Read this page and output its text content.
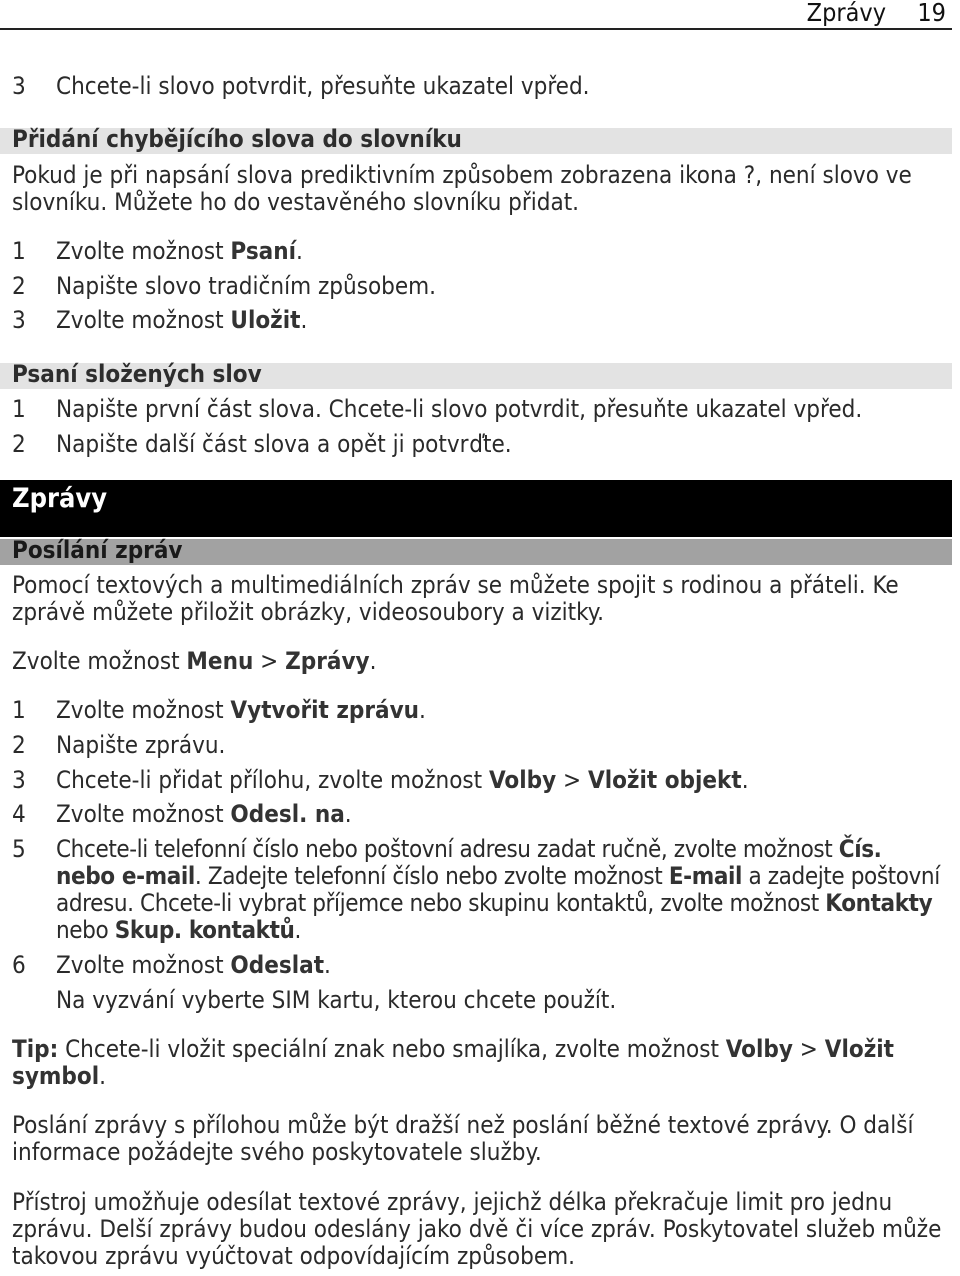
Zprávy 19
3 Chcete-li slovo potvrdit, přesuňte ukazatel vpřed.
Přidání chybějícího slova do slovníku
Pokud je při napsání slova prediktivním způsobem zobrazena ikona ?, není slovo ve slovníku. Můžete ho do vestavěného slovníku přidat.
1 Zvolte možnost Psaní.
2 Napište slovo tradičním způsobem.
3 Zvolte možnost Uložit.
Psaní složených slov
1 Napište první část slova. Chcete-li slovo potvrdit, přesuňte ukazatel vpřed.
2 Napište další část slova a opět ji potvrďte.
Zprávy
Posílání zpráv
Pomocí textových a multimediálních zpráv se můžete spojit s rodinou a přáteli. Ke zprávě můžete přiložit obrázky, videosoubory a vizitky.
Zvolte možnost Menu > Zprávy.
1 Zvolte možnost Vytvořit zprávu.
2 Napište zprávu.
3 Chcete-li přidat přílohu, zvolte možnost Volby > Vložit objekt.
4 Zvolte možnost Odesl. na.
5 Chcete-li telefonní číslo nebo poštovní adresu zadat ručně, zvolte možnost Čís. nebo e-mail. Zadejte telefonní číslo nebo zvolte možnost E-mail a zadejte poštovní adresu. Chcete-li vybrat příjemce nebo skupinu kontaktů, zvolte možnost Kontakty nebo Skup. kontaktů.
6 Zvolte možnost Odeslat.
Na vyzvání vyberte SIM kartu, kterou chcete použít.
Tip: Chcete-li vložit speciální znak nebo smajlíka, zvolte možnost Volby > Vložit symbol.
Poslání zprávy s přílohou může být dražší než poslání běžné textové zprávy. O další informace požádejte svého poskytovatele služby.
Přístroj umožňuje odesílat textové zprávy, jejichž délka překračuje limit pro jednu zprávu. Delší zprávy budou odeslány jako dvě či více zpráv. Poskytovatel služeb může takovou zprávu vyúčtovat odpovídajícím způsobem.
